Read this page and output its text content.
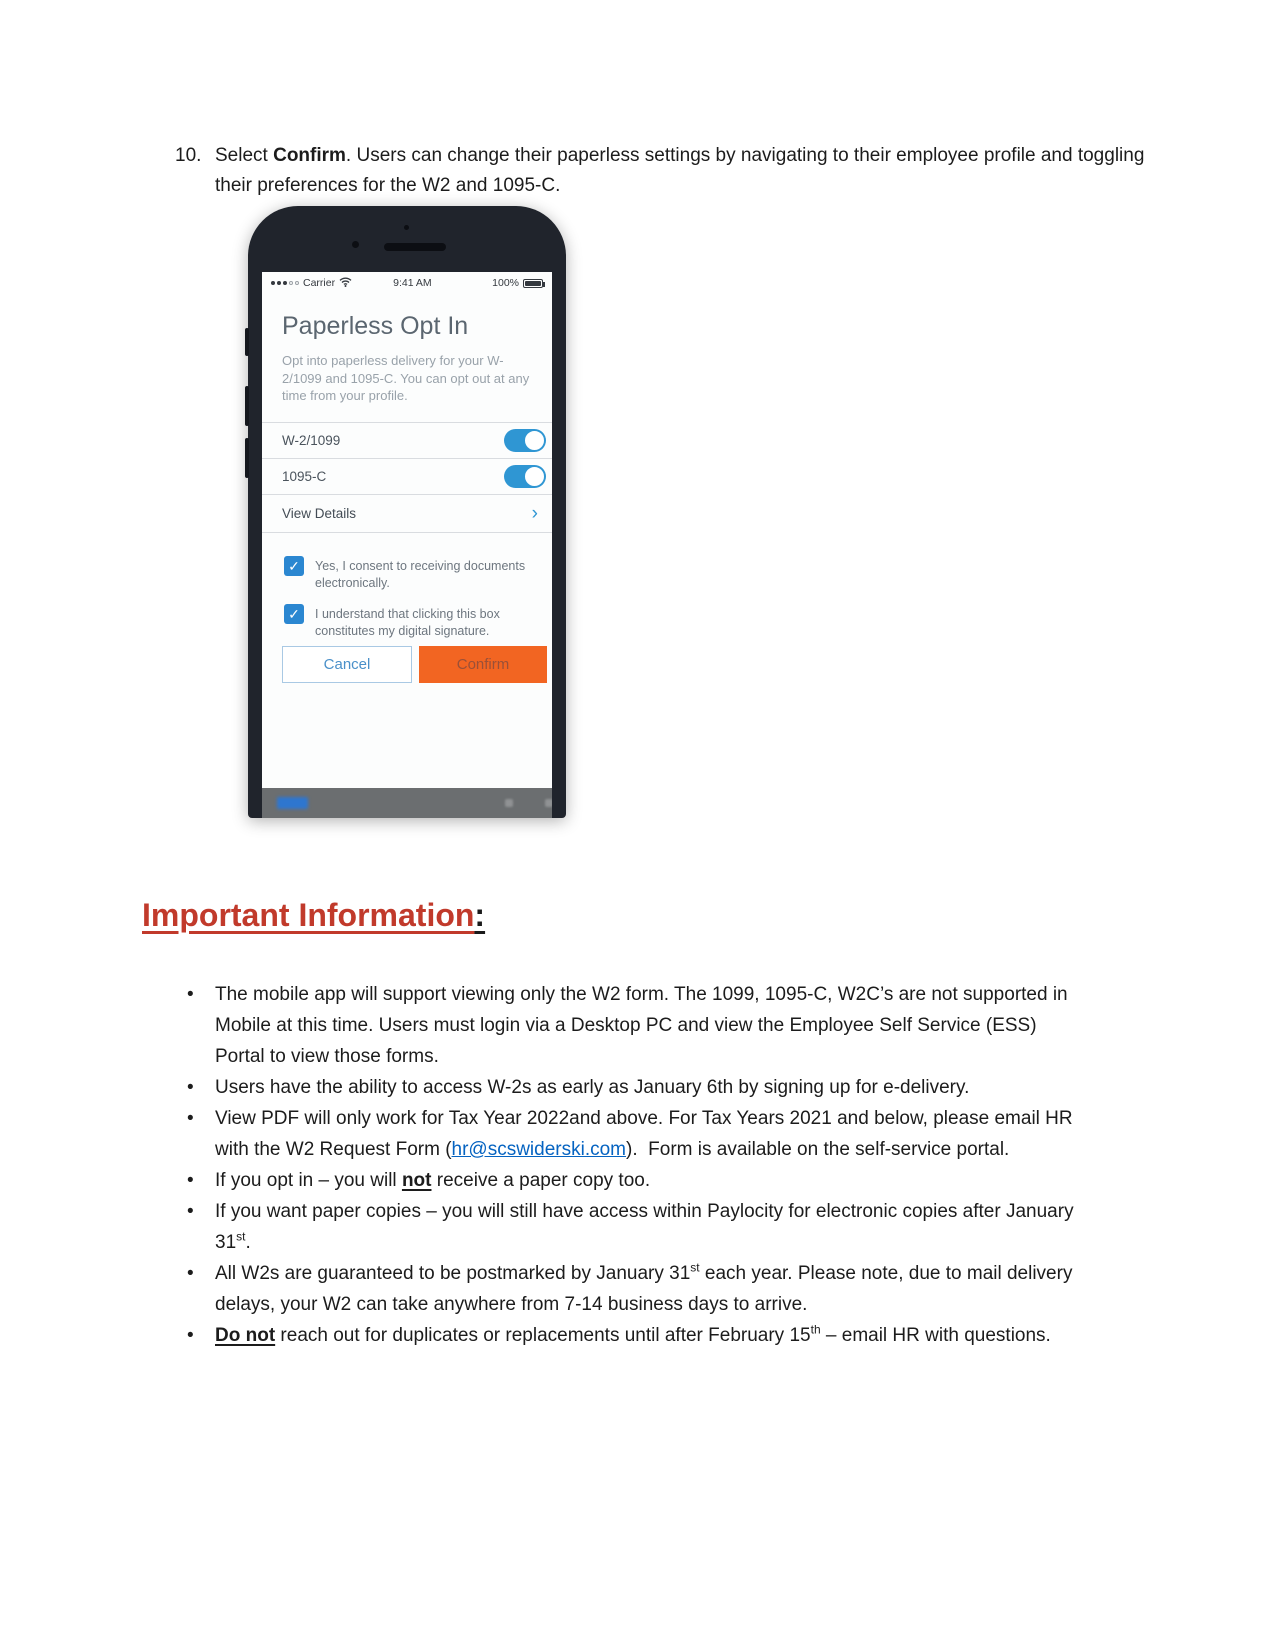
10. Select Confirm. Users can change their paperless settings by navigating to their employee profile and toggling their preferences for the W2 and 1095-C.
Carrier	9:41 AM	100%
Paperless Opt In
Opt into paperless delivery for your W-2/1099 and 1095-C. You can opt out at any time from your profile.
W-2/1099
1095-C
View Details	›
✓
Yes, I consent to receiving documents electronically.
✓
I understand that clicking this box constitutes my digital signature.
Cancel	Confirm
Important Information:
• The mobile app will support viewing only the W2 form. The 1099, 1095-C, W2C’s are not supported in Mobile at this time. Users must login via a Desktop PC and view the Employee Self Service (ESS) Portal to view those forms.
• Users have the ability to access W-2s as early as January 6th by signing up for e-delivery.
• View PDF will only work for Tax Year 2022and above. For Tax Years 2021 and below, please email HR with the W2 Request Form (hr@scswiderski.com).  Form is available on the self-service portal.
• If you opt in – you will not receive a paper copy too.
• If you want paper copies – you will still have access within Paylocity for electronic copies after January 31st.
• All W2s are guaranteed to be postmarked by January 31st each year. Please note, due to mail delivery delays, your W2 can take anywhere from 7-14 business days to arrive.
• Do not reach out for duplicates or replacements until after February 15th – email HR with questions.
